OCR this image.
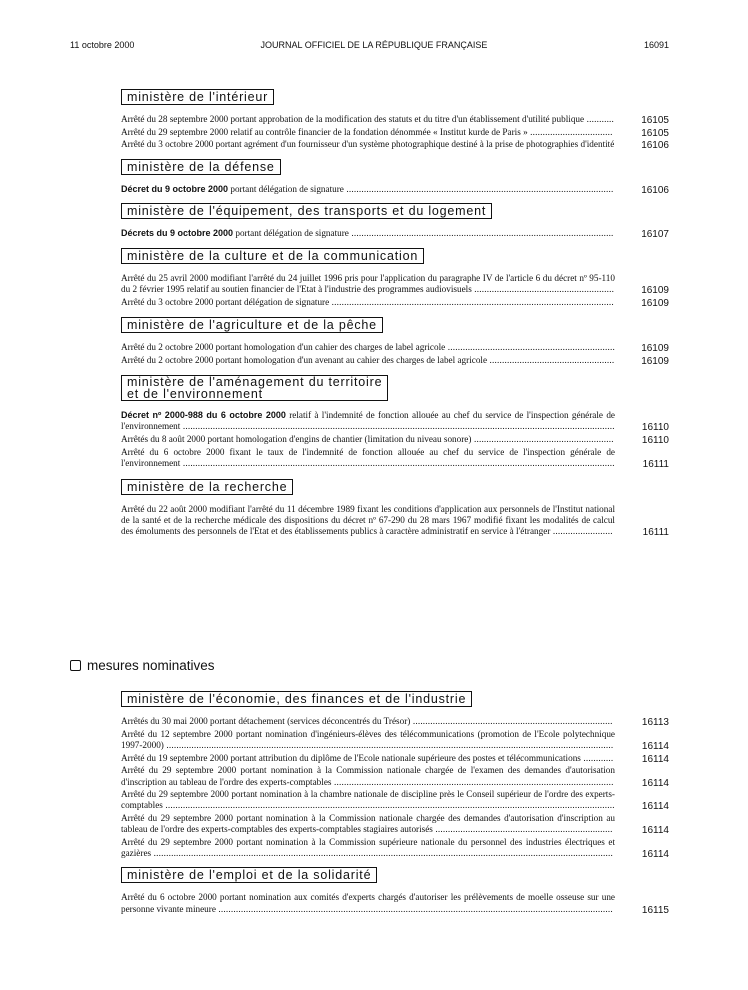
11 octobre 2000	JOURNAL OFFICIEL DE LA RÉPUBLIQUE FRANÇAISE	16091
ministère de l'intérieur
Arrêté du 28 septembre 2000 portant approbation de la modification des statuts et du titre d'un établissement d'utilité publique ...........	16105
Arrêté du 29 septembre 2000 relatif au contrôle financier de la fondation dénommée « Institut kurde de Paris » .................................	16105
Arrêté du 3 octobre 2000 portant agrément d'un fournisseur d'un système photographique destiné à la prise de photographies d'identité	16106
ministère de la défense
Décret du 9 octobre 2000 portant délégation de signature ...........................................................................................................	16106
ministère de l'équipement, des transports et du logement
Décrets du 9 octobre 2000 portant délégation de signature .........................................................................................................	16107
ministère de la culture et de la communication
Arrêté du 25 avril 2000 modifiant l'arrêté du 24 juillet 1996 pris pour l'application du paragraphe IV de l'article 6 du décret nº 95-110 du 2 février 1995 relatif au soutien financier de l'Etat à l'industrie des programmes audiovisuels ........................................................	16109
Arrêté du 3 octobre 2000 portant délégation de signature .................................................................................................................	16109
ministère de l'agriculture et de la pêche
Arrêté du 2 octobre 2000 portant homologation d'un cahier des charges de label agricole ...................................................................	16109
Arrêté du 2 octobre 2000 portant homologation d'un avenant au cahier des charges de label agricole ..................................................	16109
ministère de l'aménagement du territoire
et de l'environnement
Décret nº 2000-988 du 6 octobre 2000 relatif à l'indemnité de fonction allouée au chef du service de l'inspection générale de l'environnement .............................................................................................................................................................................	16110
Arrêtés du 8 août 2000 portant homologation d'engins de chantier (limitation du niveau sonore) ........................................................	16110
Arrêté du 6 octobre 2000 fixant le taux de l'indemnité de fonction allouée au chef du service de l'inspection générale de l'environnement .............................................................................................................................................................................	16111
ministère de la recherche
Arrêté du 22 août 2000 modifiant l'arrêté du 11 décembre 1989 fixant les conditions d'application aux personnels de l'Institut national de la santé et de la recherche médicale des dispositions du décret nº 67-290 du 28 mars 1967 modifié fixant les modalités de calcul des émoluments des personnels de l'Etat et des établissements publics à caractère administratif en service à l'étranger ........................	16111
mesures nominatives
ministère de l'économie, des finances et de l'industrie
Arrêtés du 30 mai 2000 portant détachement (services déconcentrés du Trésor) ................................................................................	16113
Arrêté du 12 septembre 2000 portant nomination d'ingénieurs-élèves des télécommunications (promotion de l'Ecole polytechnique 1997-2000) ...................................................................................................................................................................................	16114
Arrêté du 19 septembre 2000 portant attribution du diplôme de l'Ecole nationale supérieure des postes et télécommunications ............	16114
Arrêté du 29 septembre 2000 portant nomination à la Commission nationale chargée de l'examen des demandes d'autorisation d'inscription au tableau de l'ordre des experts-comptables ................................................................................................................	16114
Arrêté du 29 septembre 2000 portant nomination à la chambre nationale de discipline près le Conseil supérieur de l'ordre des experts-comptables ....................................................................................................................................................................................	16114
Arrêté du 29 septembre 2000 portant nomination à la Commission nationale chargée des demandes d'autorisation d'inscription au tableau de l'ordre des experts-comptables des experts-comptables stagiaires autorisés .......................................................................	16114
Arrêté du 29 septembre 2000 portant nomination à la Commission supérieure nationale du personnel des industries électriques et gazières ........................................................................................................................................................................................	16114
ministère de l'emploi et de la solidarité
Arrêté du 6 octobre 2000 portant nomination aux comités d'experts chargés d'autoriser les prélèvements de moelle osseuse sur une personne vivante mineure ..............................................................................................................................................................	16115
